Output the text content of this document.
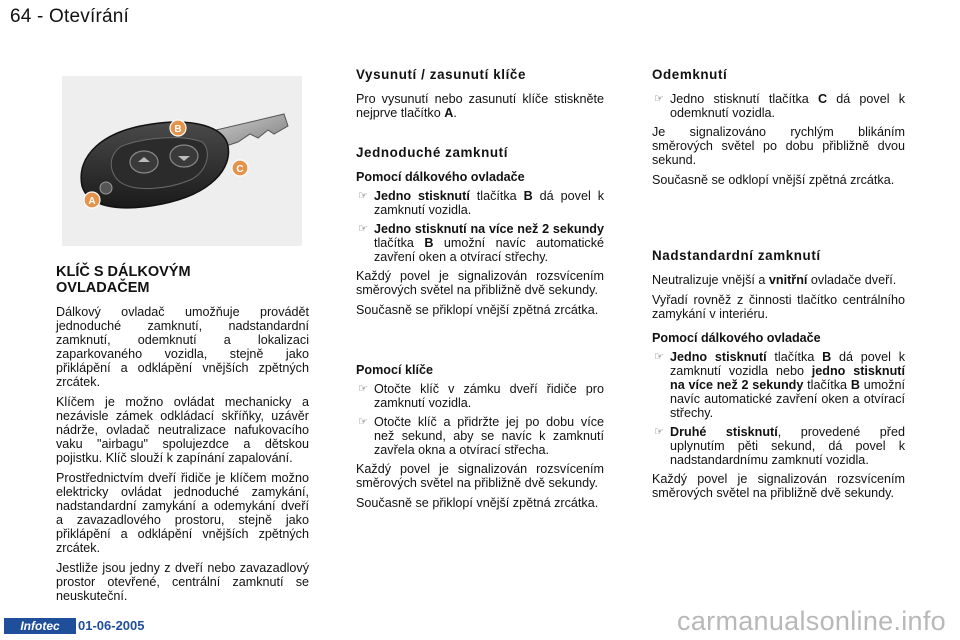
64 - Otevírání
A
B
C
KLÍČ S DÁLKOVÝM
OVLADAČEM

Dálkový ovladač umožňuje provádět jednoduché zamknutí, nadstandardní zamknutí, odemknutí a lokalizaci zaparkovaného vozidla, stejně jako přiklápění a odklápění vnějších zpětných zrcátek.

Klíčem je možno ovládat mechanicky a nezávisle zámek odkládací skříňky, uzávěr nádrže, ovladač neutralizace nafukovacího vaku "airbagu" spolujezdce a dětskou pojistku. Klíč slouží k zapínání zapalování.

Prostřednictvím dveří řidiče je klíčem možno elektricky ovládat jednoduché zamykání, nadstandardní zamykání a odemykání dveří a zavazadlového prostoru, stejně jako přiklápění a odklápění vnějších zpětných zrcátek.

Jestliže jsou jedny z dveří nebo zavazadlový prostor otevřené, centrální zamknutí se neuskuteční.

Vysunutí / zasunutí klíče

Pro vysunutí nebo zasunutí klíče stiskněte nejprve tlačítko A.

Jednoduché zamknutí
Pomocí dálkového ovladače
☞ Jedno stisknutí tlačítka B dá povel k zamknutí vozidla.
☞ Jedno stisknutí na více než 2 sekundy tlačítka B umožní navíc automatické zavření oken a otvírací střechy.

Každý povel je signalizován rozsvícením směrových světel na přibližně dvě sekundy.

Současně se přiklopí vnější zpětná zrcátka.

Pomocí klíče
☞ Otočte klíč v zámku dveří řidiče pro zamknutí vozidla.
☞ Otočte klíč a přidržte jej po dobu více než sekund, aby se navíc k zamknutí zavřela okna a otvírací střecha.

Každý povel je signalizován rozsvícením směrových světel na přibližně dvě sekundy.

Současně se přiklopí vnější zpětná zrcátka.

Odemknutí
☞ Jedno stisknutí tlačítka C dá povel k odemknutí vozidla.

Je signalizováno rychlým blikáním směrových světel po dobu přibližně dvou sekund.

Současně se odklopí vnější zpětná zrcátka.

Nadstandardní zamknutí

Neutralizuje vnější a vnitřní ovladače dveří.

Vyřadí rovněž z činnosti tlačítko centrálního zamykání v interiéru.

Pomocí dálkového ovladače
☞ Jedno stisknutí tlačítka B dá povel k zamknutí vozidla nebo jedno stisknutí na více než 2 sekundy tlačítka B umožní navíc automatické zavření oken a otvírací střechy.
☞ Druhé stisknutí, provedené před uplynutím pěti sekund, dá povel k nadstandardnímu zamknutí vozidla.

Každý povel je signalizován rozsvícením směrových světel na přibližně dvě sekundy.

Infotec	01-06-2005	carmanualsonline.info
